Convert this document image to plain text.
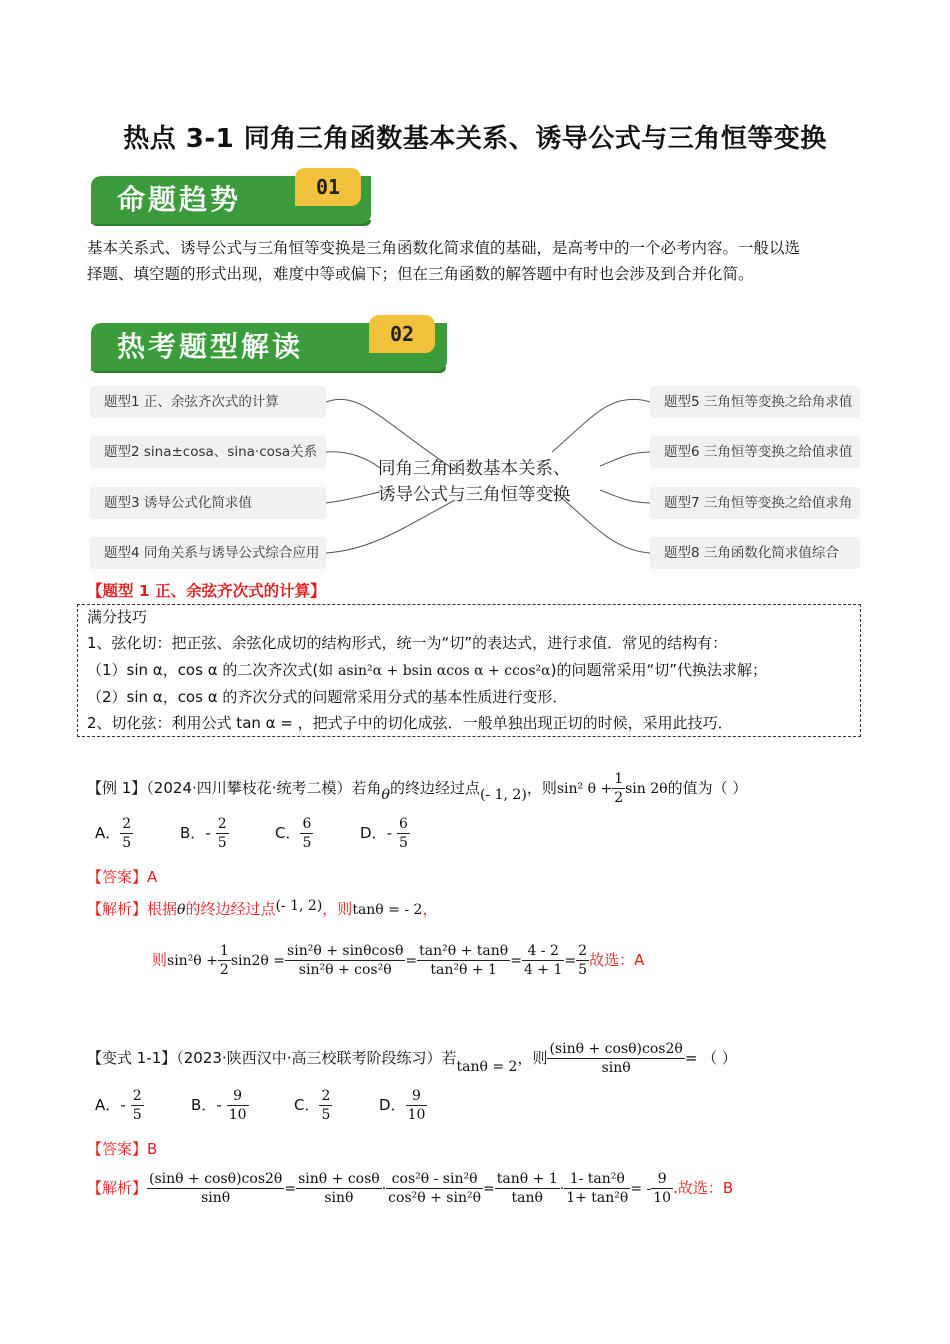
热点 3-1 同角三角函数基本关系、诱导公式与三角恒等变换
命题趋势	01
基本关系式、诱导公式与三角恒等变换是三角函数化简求值的基础，是高考中的一个必考内容。一般以选
择题、填空题的形式出现，难度中等或偏下；但在三角函数的解答题中有时也会涉及到合并化简。
热考题型解读	02
题型1 正、余弦齐次式的计算
题型2 sina±cosa、sina·cosa关系
题型3 诱导公式化简求值
题型4 同角关系与诱导公式综合应用
题型5 三角恒等变换之给角求值
题型6 三角恒等变换之给值求值
题型7 三角恒等变换之给值求角
题型8 三角函数化简求值综合
同角三角函数基本关系、
诱导公式与三角恒等变换
【题型 1 正、余弦齐次式的计算】
满分技巧
1、弦化切：把正弦、余弦化成切的结构形式，统一为“切”的表达式，进行求值．常见的结构有：
（1）sin α，cos α 的二次齐次式(如 asin²α + bsin αcos α + ccos²α)的问题常采用“切”代换法求解；
（2）sin α，cos α 的齐次分式的问题常采用分式的基本性质进行变形．
2、切化弦：利用公式 tan α = ，把式子中的切化成弦．一般单独出现正切的时候，采用此技巧．
【例 1】（2024·四川攀枝花·统考二模）若角θ的终边经过点(- 1, 2)，则sin² $\theta + \frac{1}{2}$ sin 2θ的值为（ ）
A． $\frac{2}{5}$	B．- $\frac{2}{5}$	C． $\frac{6}{5}$	D．- $\frac{6}{5}$
【答案】A
【解析】根据θ的终边经过点(- 1, 2)，则tanθ = - 2，
则$\sin^2\theta + \frac{1}{2} \sin 2\theta = \frac{\text{sin²θ + sinθcosθ}}{\text{sin²θ + cos²θ}} = \frac{\text{tan²θ + tanθ}}{\text{tan²θ + 1}} = \frac{4 - 2}{4 + 1} = \frac{2}{5}$ 故选：A
【变式 1-1】（2023·陕西汉中·高三校联考阶段练习）若tanθ = 2，则 $\frac{(\sin\theta + \cos\theta)\cos 2\theta}{\sin\theta}$ = （ ）
A．- $\frac{2}{5}$	B．- $\frac{9}{10}$	C． $\frac{2}{5}$	D． $\frac{9}{10}$
【答案】B
【解析】 $\frac{(\sin\theta + \cos\theta)\cos 2\theta}{\sin\theta} = \frac{\sin\theta + \cos\theta}{\sin\theta} \cdot \frac{\text{cos²θ - sin²θ}}{\text{cos²θ + sin²θ}} = \frac{\tan\theta + 1}{\tan\theta} \cdot \frac{\text{1- tan²θ}}{\text{1+ tan²θ}}$ = - $\frac{9}{10}$ .故选：B
